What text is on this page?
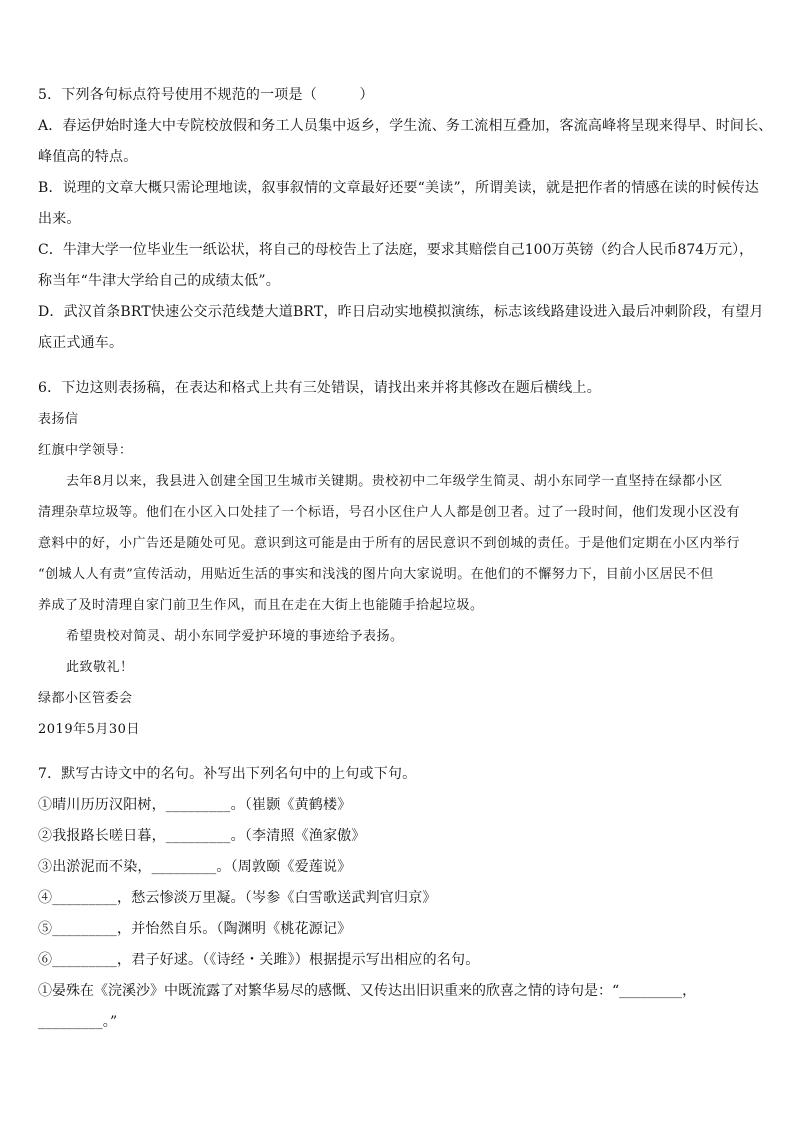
5．下列各句标点符号使用不规范的一项是（　　　）
A．春运伊始时逢大中专院校放假和务工人员集中返乡，学生流、务工流相互叠加，客流高峰将呈现来得早、时间长、
峰值高的特点。
B．说理的文章大概只需论理地读，叙事叙情的文章最好还要“美读”，所谓美读，就是把作者的情感在读的时候传达
出来。
C．牛津大学一位毕业生一纸讼状，将自己的母校告上了法庭，要求其赔偿自己100万英镑（约合人民币874万元），
称当年“牛津大学给自己的成绩太低”。
D．武汉首条BRT快速公交示范线楚大道BRT，昨日启动实地模拟演练，标志该线路建设进入最后冲刺阶段，有望月
底正式通车。
6．下边这则表扬稿，在表达和格式上共有三处错误，请找出来并将其修改在题后横线上。
表扬信
红旗中学领导：
去年8月以来，我县进入创建全国卫生城市关键期。贵校初中二年级学生简灵、胡小东同学一直坚持在绿都小区
清理杂草垃圾等。他们在小区入口处挂了一个标语，号召小区住户人人都是创卫者。过了一段时间，他们发现小区没有
意料中的好，小广告还是随处可见。意识到这可能是由于所有的居民意识不到创城的责任。于是他们定期在小区内举行
“创城人人有责”宣传活动，用贴近生活的事实和浅浅的图片向大家说明。在他们的不懈努力下，目前小区居民不但
养成了及时清理自家门前卫生作风，而且在走在大街上也能随手拾起垃圾。
希望贵校对简灵、胡小东同学爱护环境的事迹给予表扬。
此致敬礼！
绿都小区管委会
2019年5月30日
7．默写古诗文中的名句。补写出下列名句中的上句或下句。
①晴川历历汉阳树，_________。（崔颢《黄鹤楼》
②我报路长嗟日暮，_________。（李清照《渔家傲》
③出淤泥而不染，_________。（周敦颐《爱莲说》
④_________，愁云惨淡万里凝。（岑参《白雪歌送武判官归京》
⑤_________，并怡然自乐。（陶渊明《桃花源记》
⑥_________，君子好逑。（《诗经・关雎》）根据提示写出相应的名句。
①晏殊在《浣溪沙》中既流露了对繁华易尽的感慨、又传达出旧识重来的欣喜之情的诗句是：“_________，
_________。”
